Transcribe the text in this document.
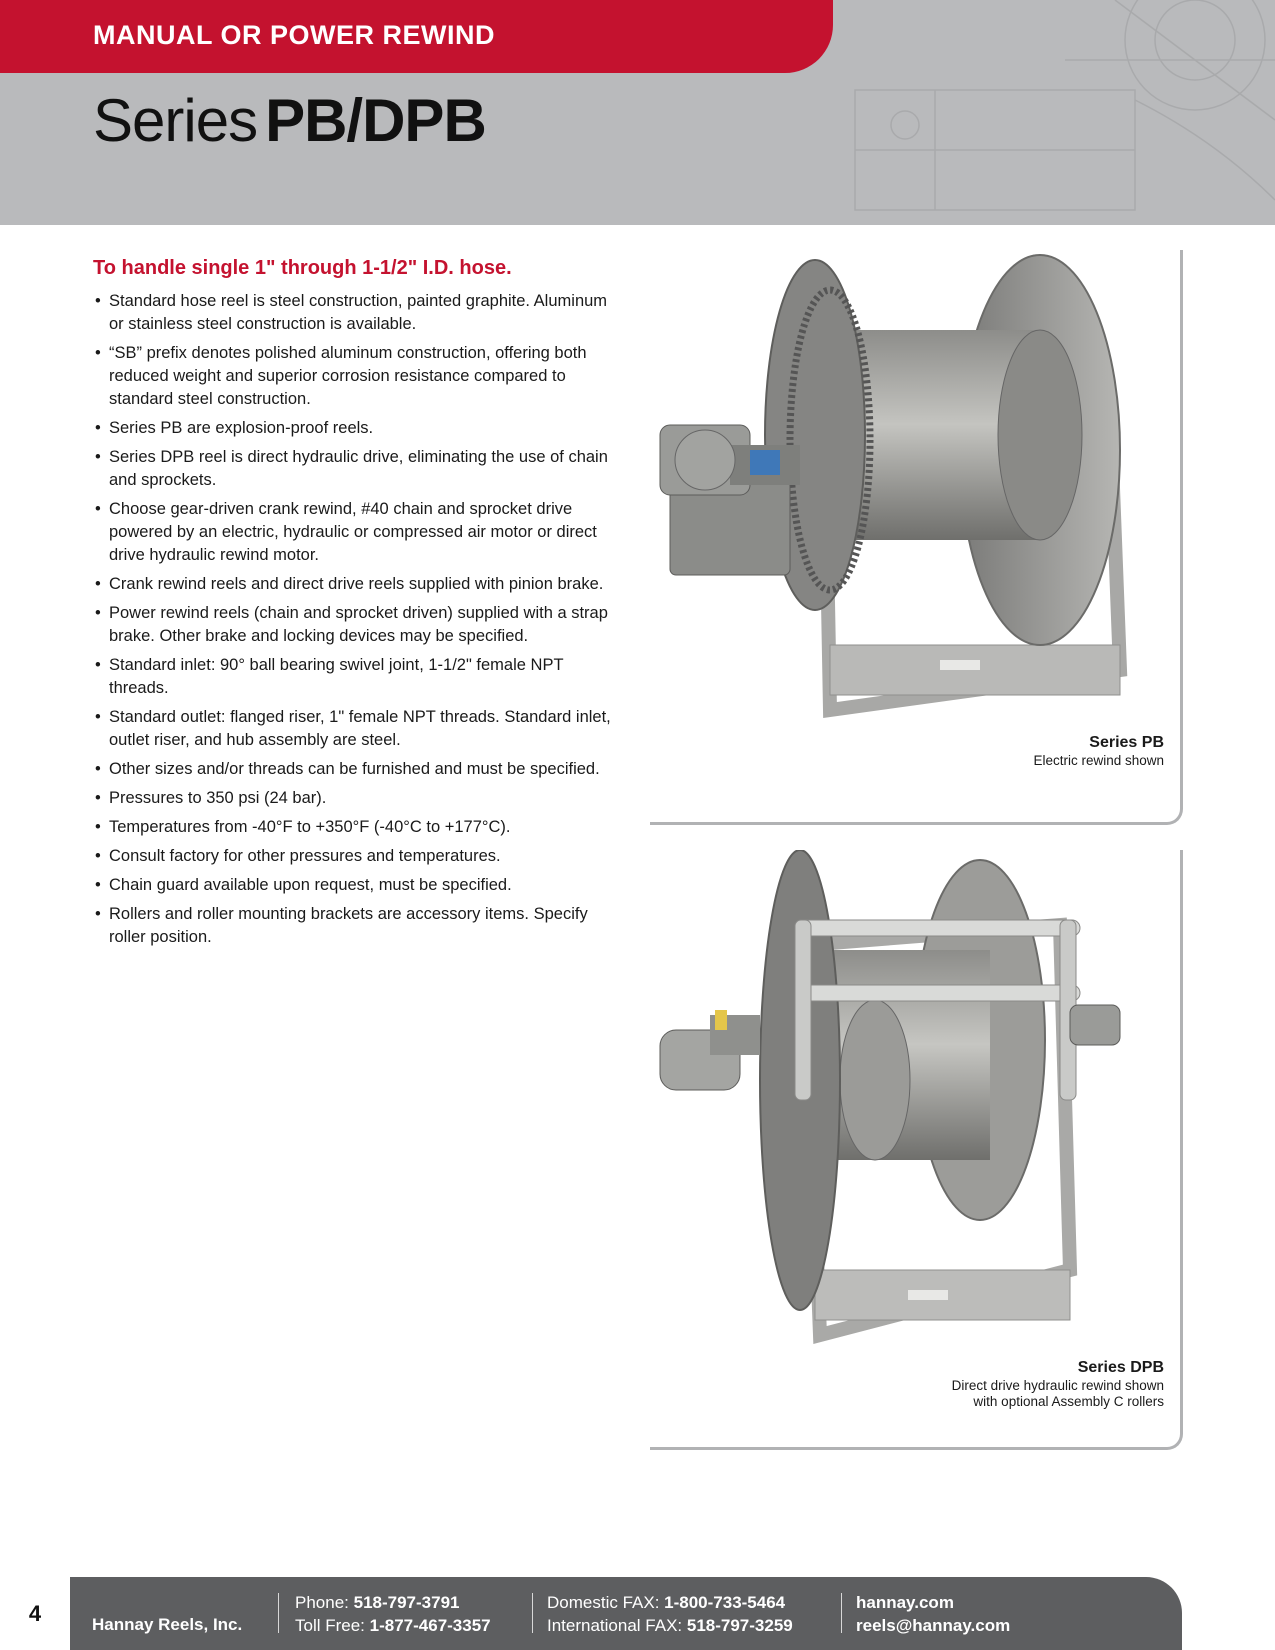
MANUAL OR POWER REWIND
Series PB/DPB
To handle single 1" through 1-1/2" I.D. hose.
• Standard hose reel is steel construction, painted graphite. Aluminum or stainless steel construction is available.
• “SB” prefix denotes polished aluminum construction, offering both reduced weight and superior corrosion resistance compared to standard steel construction.
• Series PB are explosion-proof reels.
• Series DPB reel is direct hydraulic drive, eliminating the use of chain and sprockets.
• Choose gear-driven crank rewind, #40 chain and sprocket drive powered by an electric, hydraulic or compressed air motor or direct drive hydraulic rewind motor.
• Crank rewind reels and direct drive reels supplied with pinion brake.
• Power rewind reels (chain and sprocket driven) supplied with a strap brake. Other brake and locking devices may be specified.
• Standard inlet: 90° ball bearing swivel joint, 1-1/2" female NPT threads.
• Standard outlet: flanged riser, 1" female NPT threads. Standard inlet, outlet riser, and hub assembly are steel.
• Other sizes and/or threads can be furnished and must be specified.
• Pressures to 350 psi (24 bar).
• Temperatures from -40°F to +350°F (-40°C to +177°C).
• Consult factory for other pressures and temperatures.
• Chain guard available upon request, must be specified.
• Rollers and roller mounting brackets are accessory items. Specify roller position.
Series PB
Electric rewind shown
Series DPB
Direct drive hydraulic rewind shown
with optional Assembly C rollers
4	Hannay Reels, Inc.
Phone: 518-797-3791
Toll Free: 1-877-467-3357
Domestic FAX: 1-800-733-5464
International FAX: 518-797-3259
hannay.com
reels@hannay.com
